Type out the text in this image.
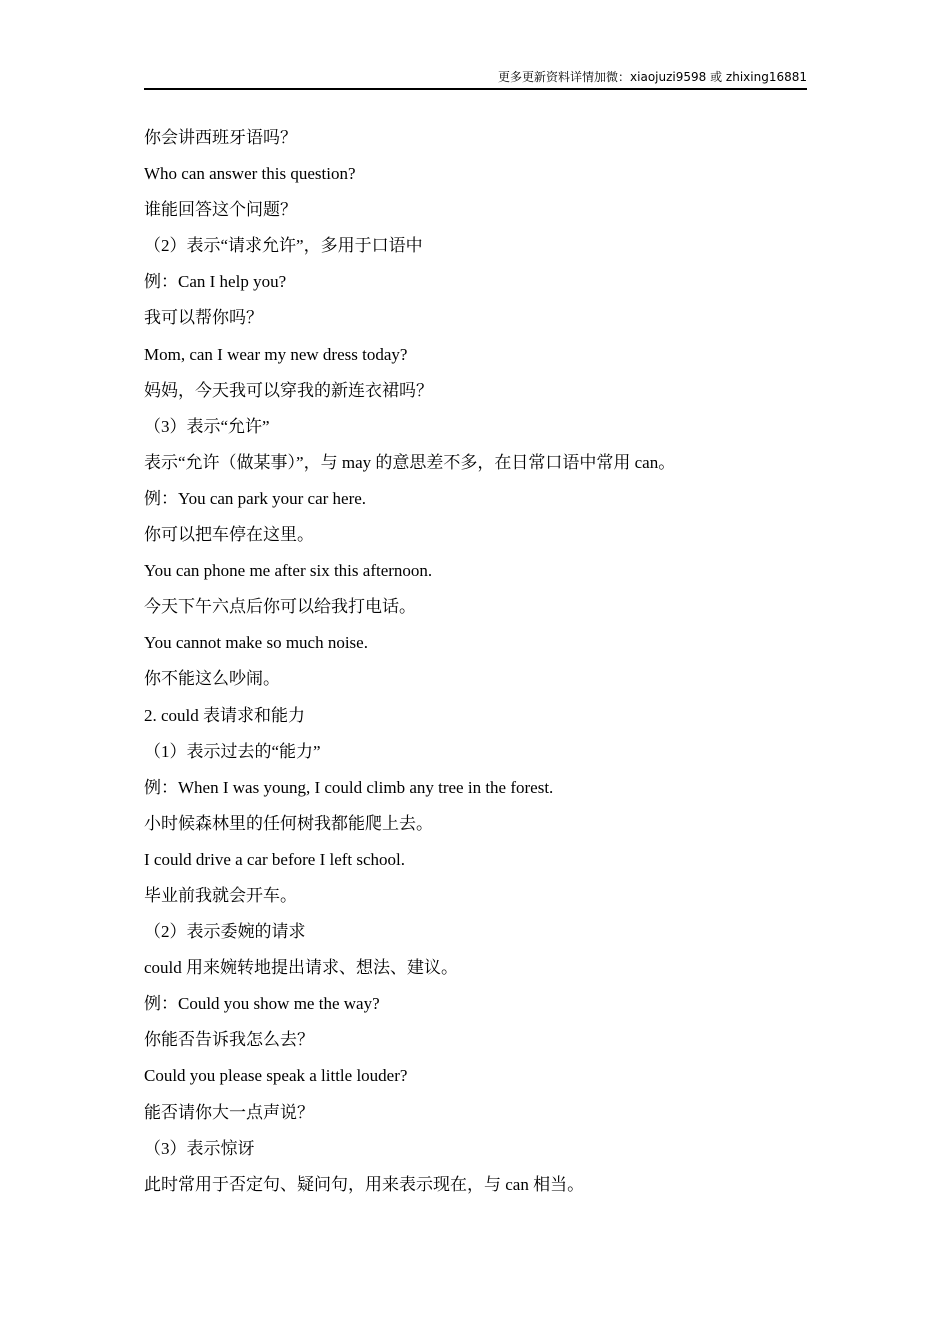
更多更新资料详情加微：xiaojuzi9598 或 zhixing16881
你会讲西班牙语吗？
Who can answer this question?
谁能回答这个问题？
（2）表示“请求允许”，多用于口语中
例：Can I help you?
我可以帮你吗？
Mom, can I wear my new dress today?
妈妈，今天我可以穿我的新连衣裙吗？
（3）表示“允许”
表示“允许（做某事）”，与 may 的意思差不多，在日常口语中常用 can。
例：You can park your car here.
你可以把车停在这里。
You can phone me after six this afternoon.
今天下午六点后你可以给我打电话。
You cannot make so much noise.
你不能这么吵闹。
2. could 表请求和能力
（1）表示过去的“能力”
例：When I was young, I could climb any tree in the forest.
小时候森林里的任何树我都能爬上去。
I could drive a car before I left school.
毕业前我就会开车。
（2）表示委婉的请求
could 用来婉转地提出请求、想法、建议。
例：Could you show me the way?
你能否告诉我怎么去？
Could you please speak a little louder?
能否请你大一点声说？
（3）表示惊讶
此时常用于否定句、疑问句，用来表示现在，与 can 相当。
